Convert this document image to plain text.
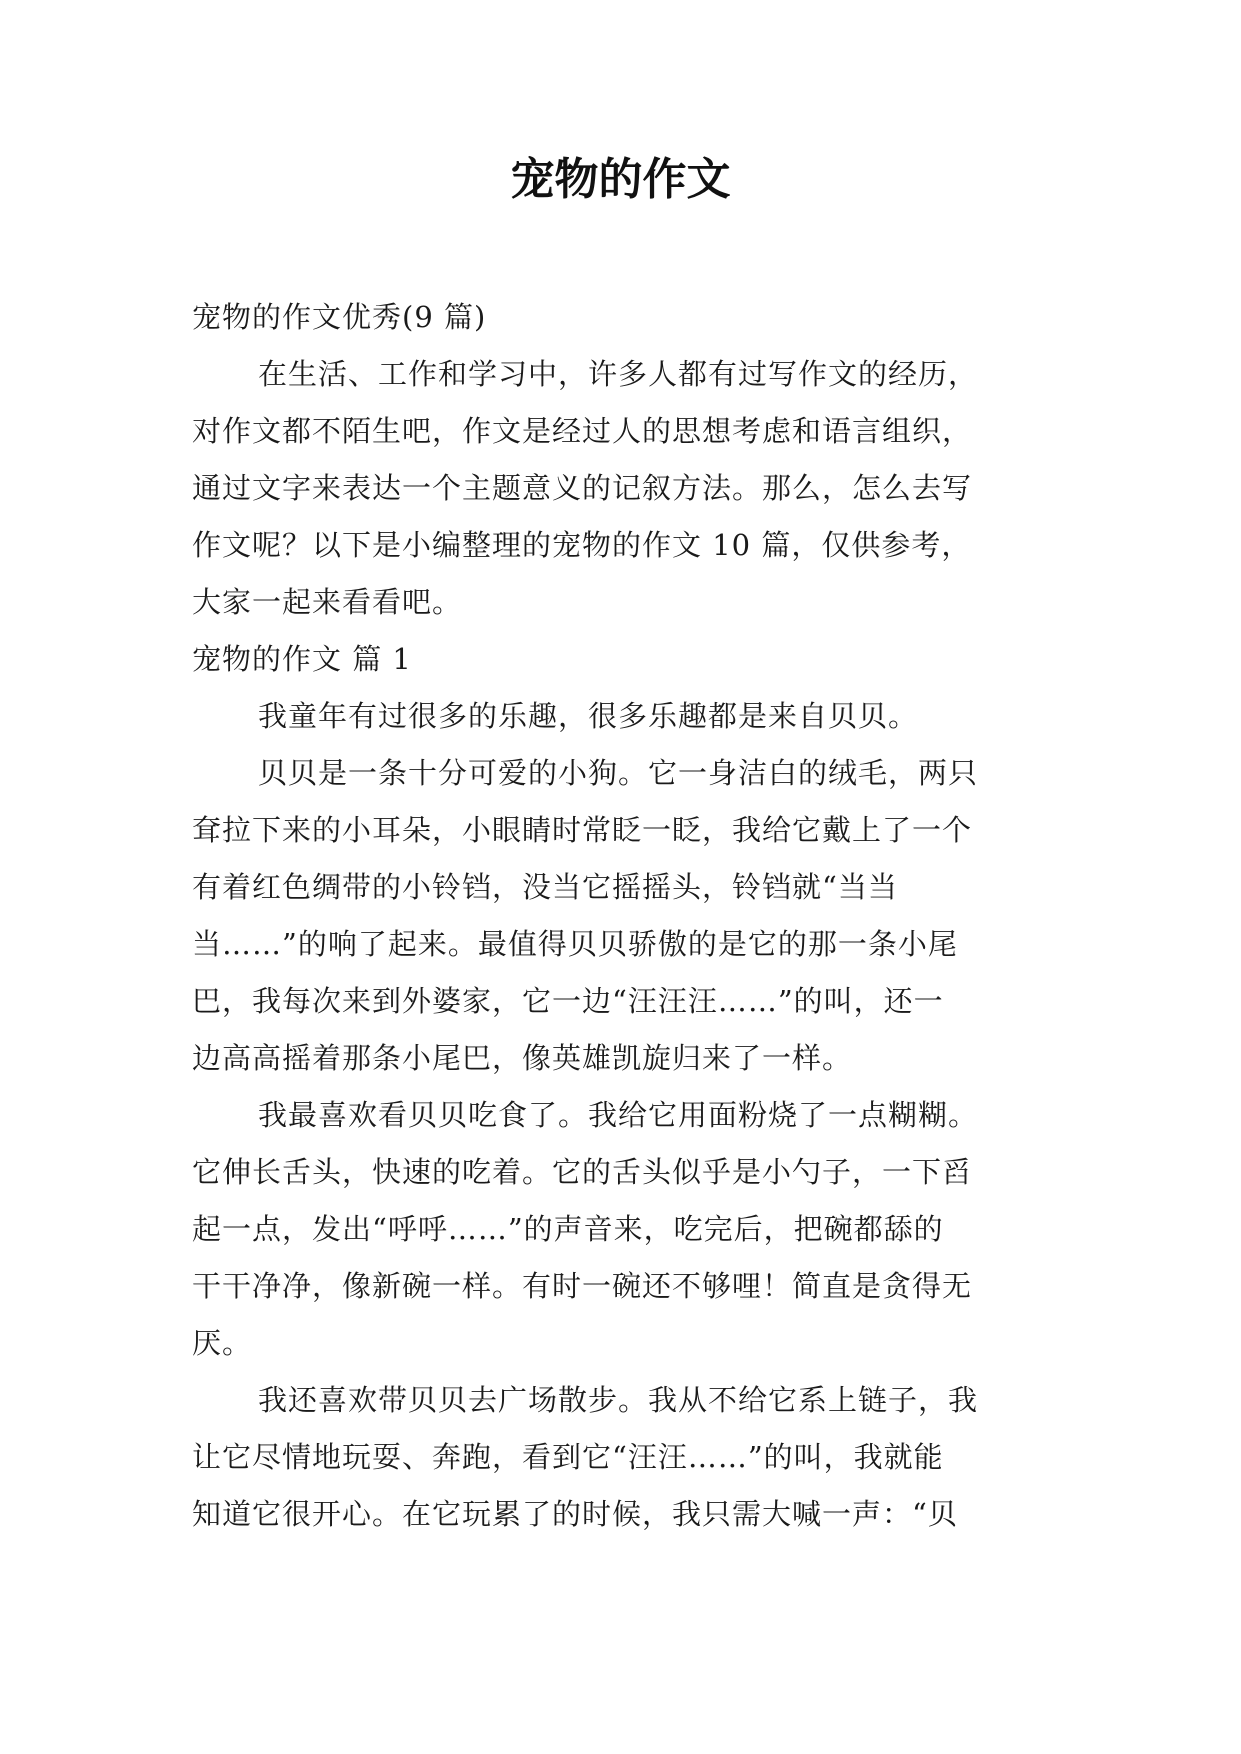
宠物的作文
宠物的作文优秀(9 篇)
在生活、工作和学习中，许多人都有过写作文的经历，
对作文都不陌生吧，作文是经过人的思想考虑和语言组织，
通过文字来表达一个主题意义的记叙方法。那么，怎么去写
作文呢？以下是小编整理的宠物的作文 10 篇，仅供参考，
大家一起来看看吧。
宠物的作文 篇 1
我童年有过很多的乐趣，很多乐趣都是来自贝贝。
贝贝是一条十分可爱的小狗。它一身洁白的绒毛，两只
耷拉下来的小耳朵，小眼睛时常眨一眨，我给它戴上了一个
有着红色绸带的小铃铛，没当它摇摇头，铃铛就“当当
当……”的响了起来。最值得贝贝骄傲的是它的那一条小尾
巴，我每次来到外婆家，它一边“汪汪汪……”的叫，还一
边高高摇着那条小尾巴，像英雄凯旋归来了一样。
我最喜欢看贝贝吃食了。我给它用面粉烧了一点糊糊。
它伸长舌头，快速的吃着。它的舌头似乎是小勺子，一下舀
起一点，发出“呼呼……”的声音来，吃完后，把碗都舔的
干干净净，像新碗一样。有时一碗还不够哩！简直是贪得无
厌。
我还喜欢带贝贝去广场散步。我从不给它系上链子，我
让它尽情地玩耍、奔跑，看到它“汪汪……”的叫，我就能
知道它很开心。在它玩累了的时候，我只需大喊一声：“贝
